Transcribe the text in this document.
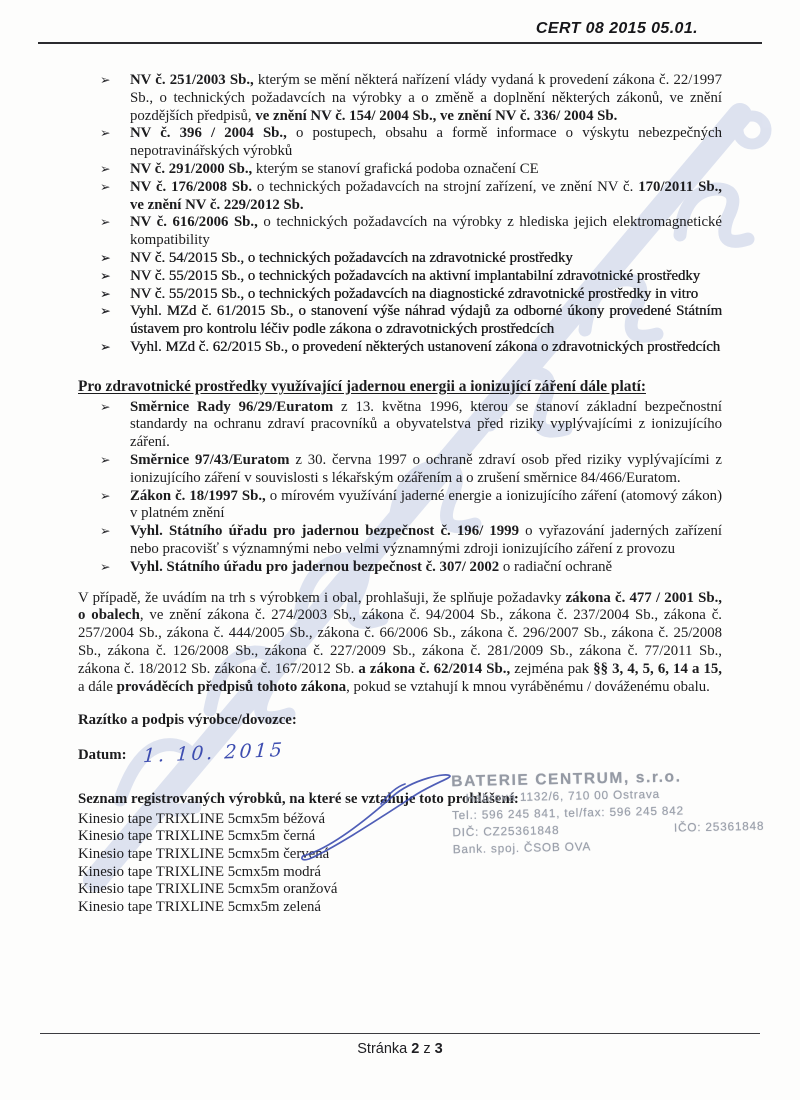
CERT 08 2015 05.01.
➢ NV č. 251/2003 Sb., kterým se mění některá nařízení vlády vydaná k provedení zákona č. 22/1997 Sb., o technických požadavcích na výrobky a o změně a doplnění některých zákonů, ve znění pozdějších předpisů, ve znění NV č. 154/ 2004 Sb., ve znění NV č. 336/ 2004 Sb.
➢ NV č. 396 / 2004 Sb., o postupech, obsahu a formě informace o výskytu nebezpečných nepotravinářských výrobků
➢ NV č. 291/2000 Sb., kterým se stanoví grafická podoba označení CE
➢ NV č. 176/2008 Sb. o technických požadavcích na strojní zařízení, ve znění NV č. 170/2011 Sb., ve znění NV č. 229/2012 Sb.
➢ NV č. 616/2006 Sb., o technických požadavcích na výrobky z hlediska jejich elektromagnetické kompatibility
➢ NV č. 54/2015 Sb., o technických požadavcích na zdravotnické prostředky
➢ NV č. 55/2015 Sb., o technických požadavcích na aktivní implantabilní zdravotnické prostředky
➢ NV č. 55/2015 Sb., o technických požadavcích na diagnostické zdravotnické prostředky in vitro
➢ Vyhl. MZd č. 61/2015 Sb., o stanovení výše náhrad výdajů za odborné úkony provedené Státním ústavem pro kontrolu léčiv podle zákona o zdravotnických prostředcích
➢ Vyhl. MZd č. 62/2015 Sb., o provedení některých ustanovení zákona o zdravotnických prostředcích
Pro zdravotnické prostředky využívající jadernou energii a ionizující záření dále platí:
➢ Směrnice Rady 96/29/Euratom z 13. května 1996, kterou se stanoví základní bezpečnostní standardy na ochranu zdraví pracovníků a obyvatelstva před riziky vyplývajícími z ionizujícího záření.
➢ Směrnice 97/43/Euratom z 30. června 1997 o ochraně zdraví osob před riziky vyplývajícími z ionizujícího záření v souvislosti s lékařským ozářením a o zrušení směrnice 84/466/Euratom.
➢ Zákon č. 18/1997 Sb., o mírovém využívání jaderné energie a ionizujícího záření (atomový zákon) v platném znění
➢ Vyhl. Státního úřadu pro jadernou bezpečnost č. 196/ 1999 o vyřazování jaderných zařízení nebo pracovišť s významnými nebo velmi významnými zdroji ionizujícího záření z provozu
➢ Vyhl. Státního úřadu pro jadernou bezpečnost č. 307/ 2002 o radiační ochraně

V případě, že uvádím na trh s výrobkem i obal, prohlašuji, že splňuje požadavky zákona č. 477 / 2001 Sb., o obalech, ve znění zákona č. 274/2003 Sb., zákona č. 94/2004 Sb., zákona č. 237/2004 Sb., zákona č. 257/2004 Sb., zákona č. 444/2005 Sb., zákona č. 66/2006 Sb., zákona č. 296/2007 Sb., zákona č. 25/2008 Sb., zákona č. 126/2008 Sb., zákona č. 227/2009 Sb., zákona č. 281/2009 Sb., zákona č. 77/2011 Sb., zákona č. 18/2012 Sb. zákona č. 167/2012 Sb. a zákona č. 62/2014 Sb., zejména pak §§ 3, 4, 5, 6, 14 a 15, a dále prováděcích předpisů tohoto zákona, pokud se vztahují k mnou vyráběnému / dováženému obalu.

Razítko a podpis výrobce/dovozce:
Datum: 1. 10. 2015
Seznam registrovaných výrobků, na které se vztahuje toto prohlášení:
Kinesio tape TRIXLINE 5cmx5m béžová
Kinesio tape TRIXLINE 5cmx5m černá
Kinesio tape TRIXLINE 5cmx5m červená
Kinesio tape TRIXLINE 5cmx5m modrá
Kinesio tape TRIXLINE 5cmx5m oranžová
Kinesio tape TRIXLINE 5cmx5m zelená
BATERIE CENTRUM, s.r.o.
Habrová 1132/6, 710 00 Ostrava
Tel.: 596 245 841, tel/fax: 596 245 842
DIČ: CZ25361848	IČO: 25361848
Bank. spoj. ČSOB OVA
Stránka 2 z 3
